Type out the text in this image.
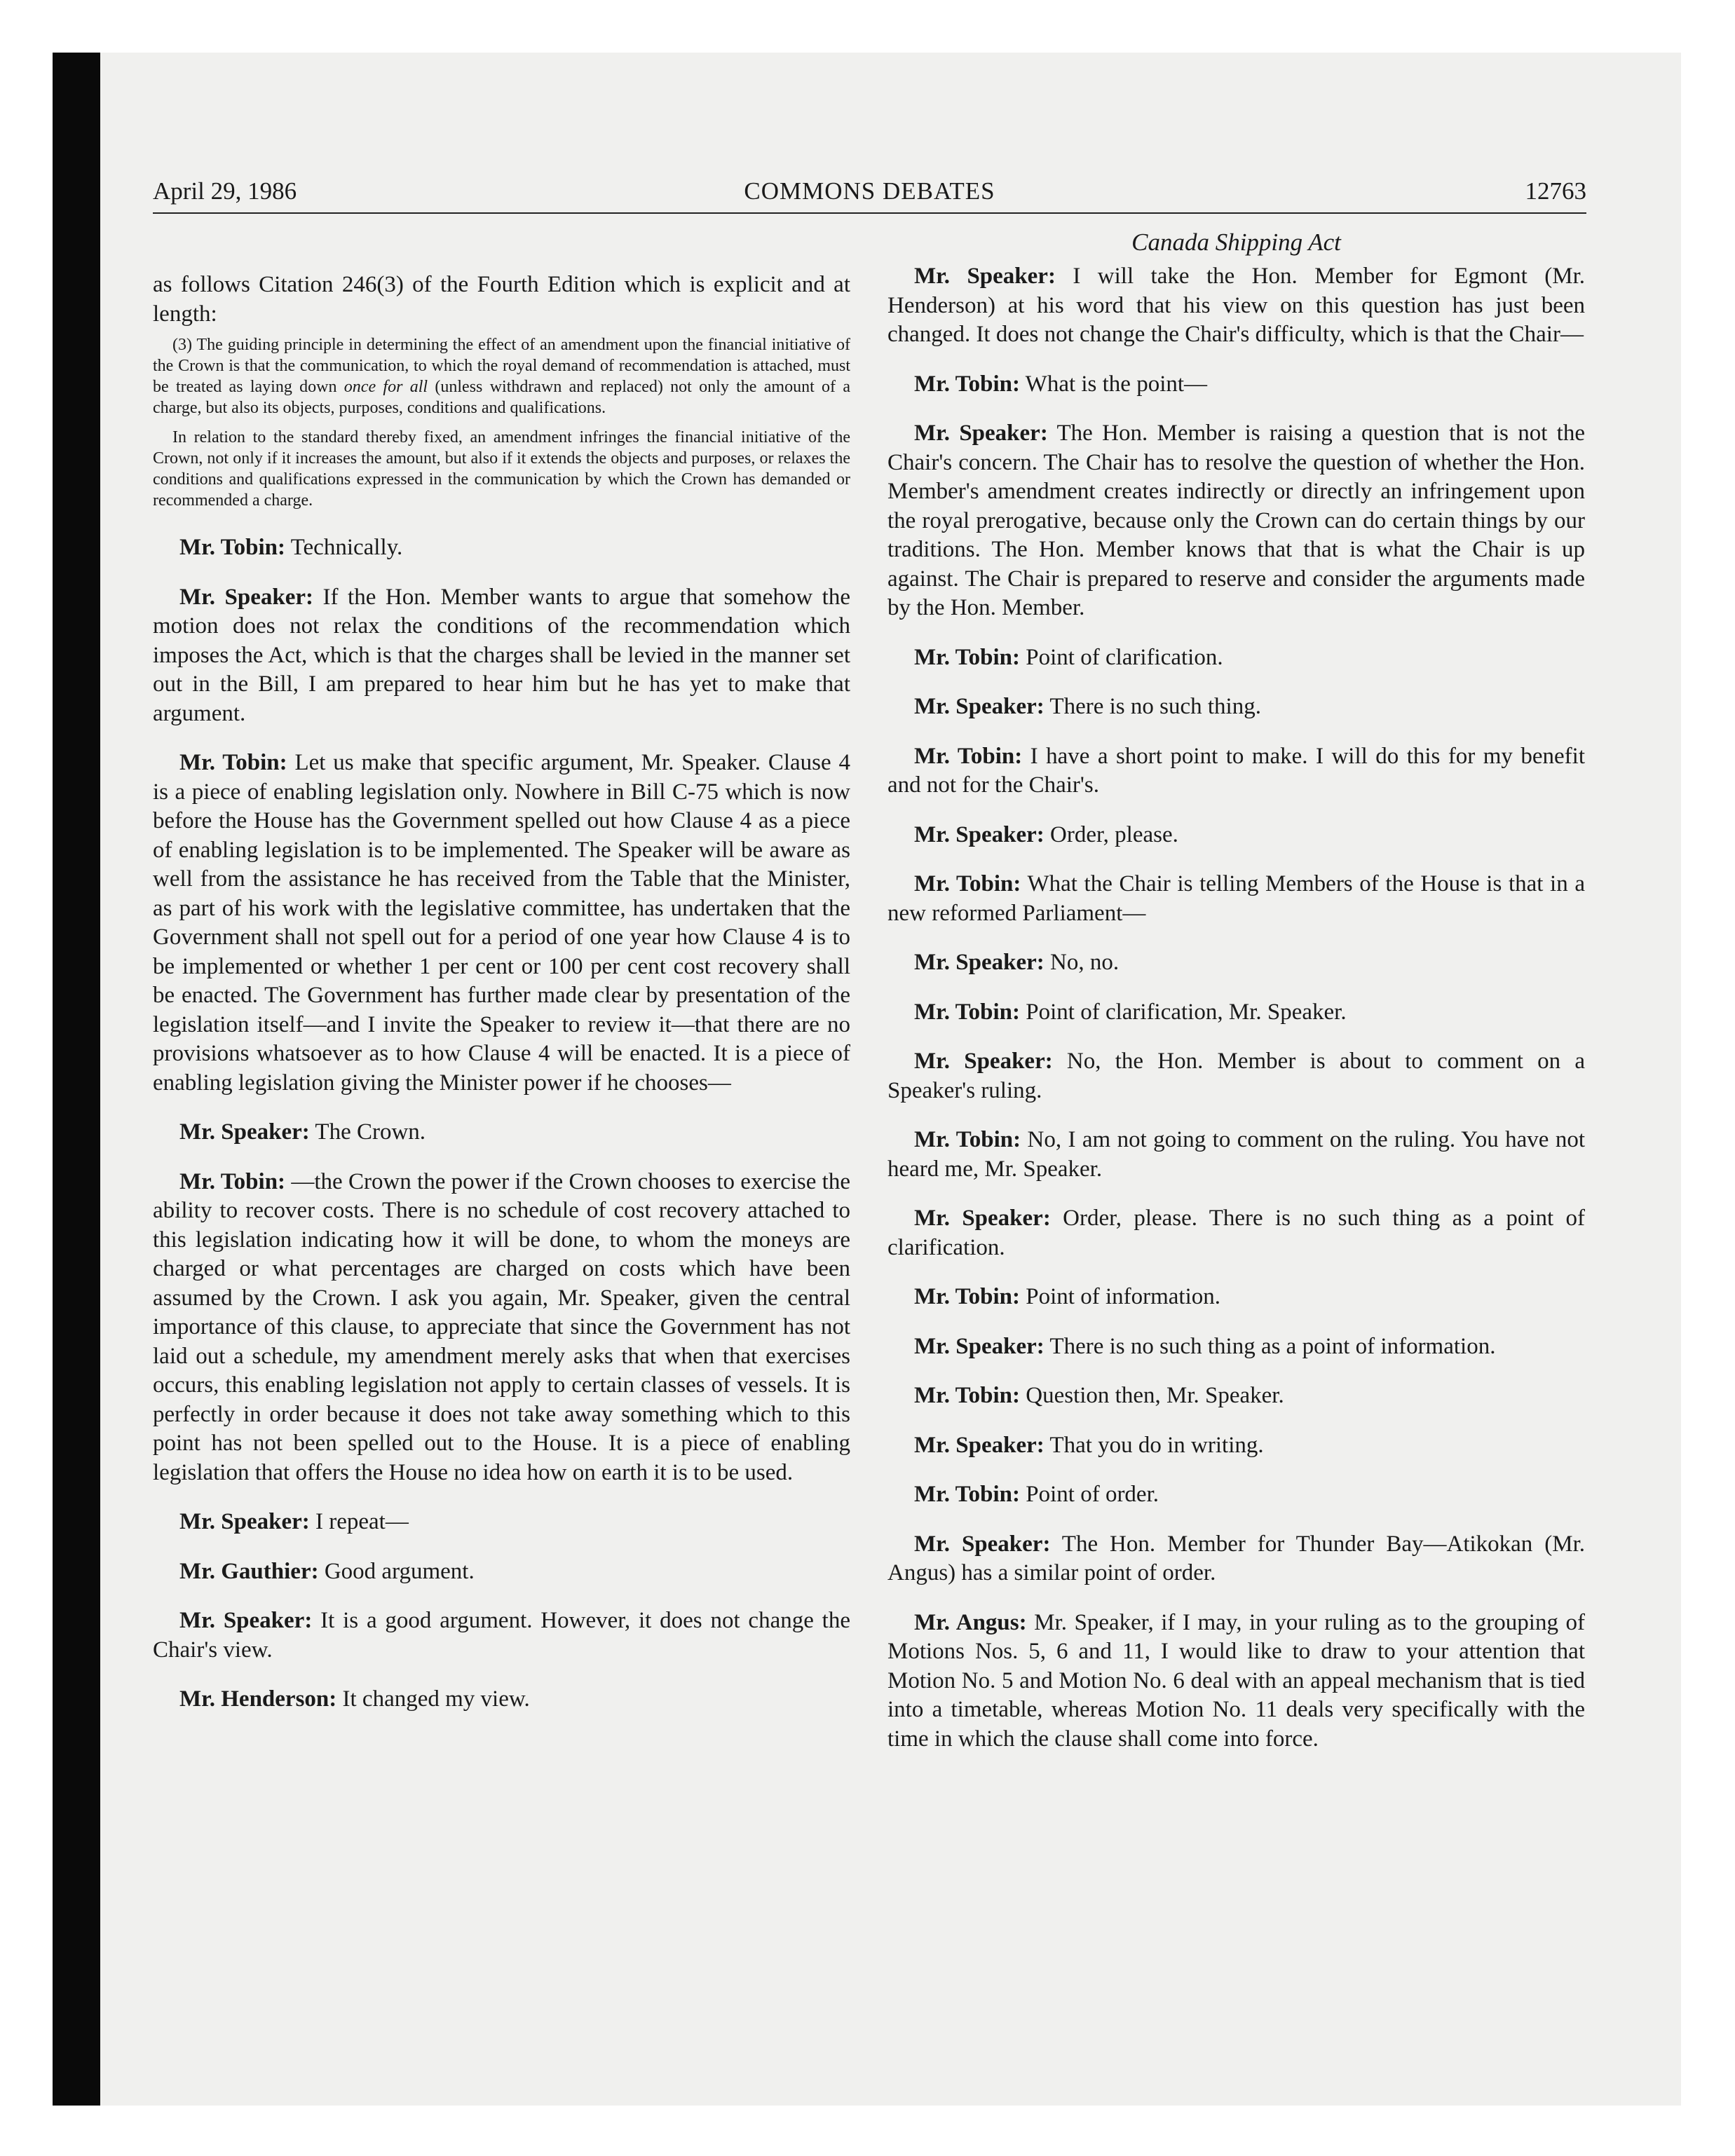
April 29, 1986	COMMONS DEBATES	12763

as follows Citation 246(3) of the Fourth Edition which is explicit and at length:

(3) The guiding principle in determining the effect of an amendment upon the financial initiative of the Crown is that the communication, to which the royal demand of recommendation is attached, must be treated as laying down once for all (unless withdrawn and replaced) not only the amount of a charge, but also its objects, purposes, conditions and qualifications.

In relation to the standard thereby fixed, an amendment infringes the financial initiative of the Crown, not only if it increases the amount, but also if it extends the objects and purposes, or relaxes the conditions and qualifications expressed in the communication by which the Crown has demanded or recommended a charge.

Mr. Tobin: Technically.

Mr. Speaker: If the Hon. Member wants to argue that somehow the motion does not relax the conditions of the recommendation which imposes the Act, which is that the charges shall be levied in the manner set out in the Bill, I am prepared to hear him but he has yet to make that argument.

Mr. Tobin: Let us make that specific argument, Mr. Speaker. Clause 4 is a piece of enabling legislation only. Nowhere in Bill C-75 which is now before the House has the Government spelled out how Clause 4 as a piece of enabling legislation is to be implemented. The Speaker will be aware as well from the assistance he has received from the Table that the Minister, as part of his work with the legislative committee, has undertaken that the Government shall not spell out for a period of one year how Clause 4 is to be implemented or whether 1 per cent or 100 per cent cost recovery shall be enacted. The Government has further made clear by presentation of the legislation itself—and I invite the Speaker to review it—that there are no provisions whatsoever as to how Clause 4 will be enacted. It is a piece of enabling legislation giving the Minister power if he chooses—

Mr. Speaker: The Crown.

Mr. Tobin: —the Crown the power if the Crown chooses to exercise the ability to recover costs. There is no schedule of cost recovery attached to this legislation indicating how it will be done, to whom the moneys are charged or what percentages are charged on costs which have been assumed by the Crown. I ask you again, Mr. Speaker, given the central importance of this clause, to appreciate that since the Government has not laid out a schedule, my amendment merely asks that when that exercises occurs, this enabling legislation not apply to certain classes of vessels. It is perfectly in order because it does not take away something which to this point has not been spelled out to the House. It is a piece of enabling legislation that offers the House no idea how on earth it is to be used.

Mr. Speaker: I repeat—

Mr. Gauthier: Good argument.

Mr. Speaker: It is a good argument. However, it does not change the Chair's view.

Mr. Henderson: It changed my view.

Canada Shipping Act

Mr. Speaker: I will take the Hon. Member for Egmont (Mr. Henderson) at his word that his view on this question has just been changed. It does not change the Chair's difficulty, which is that the Chair—

Mr. Tobin: What is the point—

Mr. Speaker: The Hon. Member is raising a question that is not the Chair's concern. The Chair has to resolve the question of whether the Hon. Member's amendment creates indirectly or directly an infringement upon the royal prerogative, because only the Crown can do certain things by our traditions. The Hon. Member knows that that is what the Chair is up against. The Chair is prepared to reserve and consider the arguments made by the Hon. Member.

Mr. Tobin: Point of clarification.

Mr. Speaker: There is no such thing.

Mr. Tobin: I have a short point to make. I will do this for my benefit and not for the Chair's.

Mr. Speaker: Order, please.

Mr. Tobin: What the Chair is telling Members of the House is that in a new reformed Parliament—

Mr. Speaker: No, no.

Mr. Tobin: Point of clarification, Mr. Speaker.

Mr. Speaker: No, the Hon. Member is about to comment on a Speaker's ruling.

Mr. Tobin: No, I am not going to comment on the ruling. You have not heard me, Mr. Speaker.

Mr. Speaker: Order, please. There is no such thing as a point of clarification.

Mr. Tobin: Point of information.

Mr. Speaker: There is no such thing as a point of information.

Mr. Tobin: Question then, Mr. Speaker.

Mr. Speaker: That you do in writing.

Mr. Tobin: Point of order.

Mr. Speaker: The Hon. Member for Thunder Bay—Atikokan (Mr. Angus) has a similar point of order.

Mr. Angus: Mr. Speaker, if I may, in your ruling as to the grouping of Motions Nos. 5, 6 and 11, I would like to draw to your attention that Motion No. 5 and Motion No. 6 deal with an appeal mechanism that is tied into a timetable, whereas Motion No. 11 deals very specifically with the time in which the clause shall come into force.
